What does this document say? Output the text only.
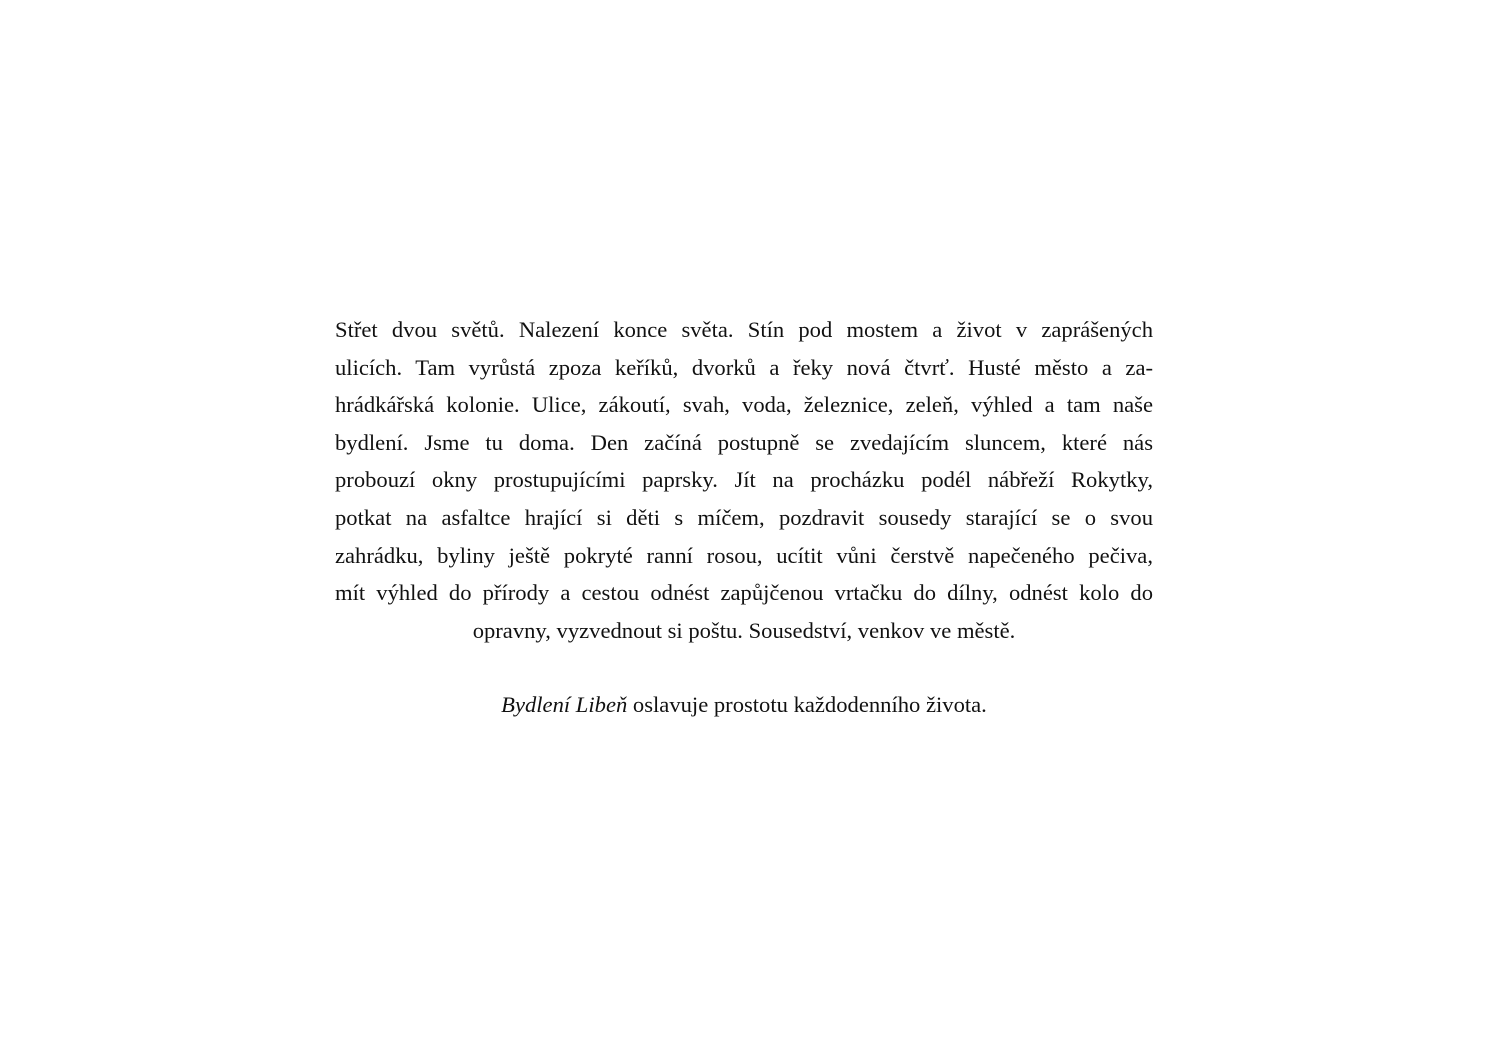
Střet dvou světů. Nalezení konce světa. Stín pod mostem a život v zaprášených
ulicích. Tam vyrůstá zpoza keříků, dvorků a řeky nová čtvrť. Husté město a za-
hrádkářská kolonie. Ulice, zákoutí, svah, voda, železnice, zeleň, výhled a tam naše
bydlení. Jsme tu doma. Den začíná postupně se zvedajícím sluncem, které nás
probouzí okny prostupujícími paprsky. Jít na procházku podél nábřeží Rokytky,
potkat na asfaltce hrající si děti s míčem, pozdravit sousedy starající se o svou
zahrádku, byliny ještě pokryté ranní rosou, ucítit vůni čerstvě napečeného pečiva,
mít výhled do přírody a cestou odnést zapůjčenou vrtačku do dílny, odnést kolo do
opravny, vyzvednout si poštu. Sousedství, venkov ve městě.
Bydlení Libeň oslavuje prostotu každodenního života.
